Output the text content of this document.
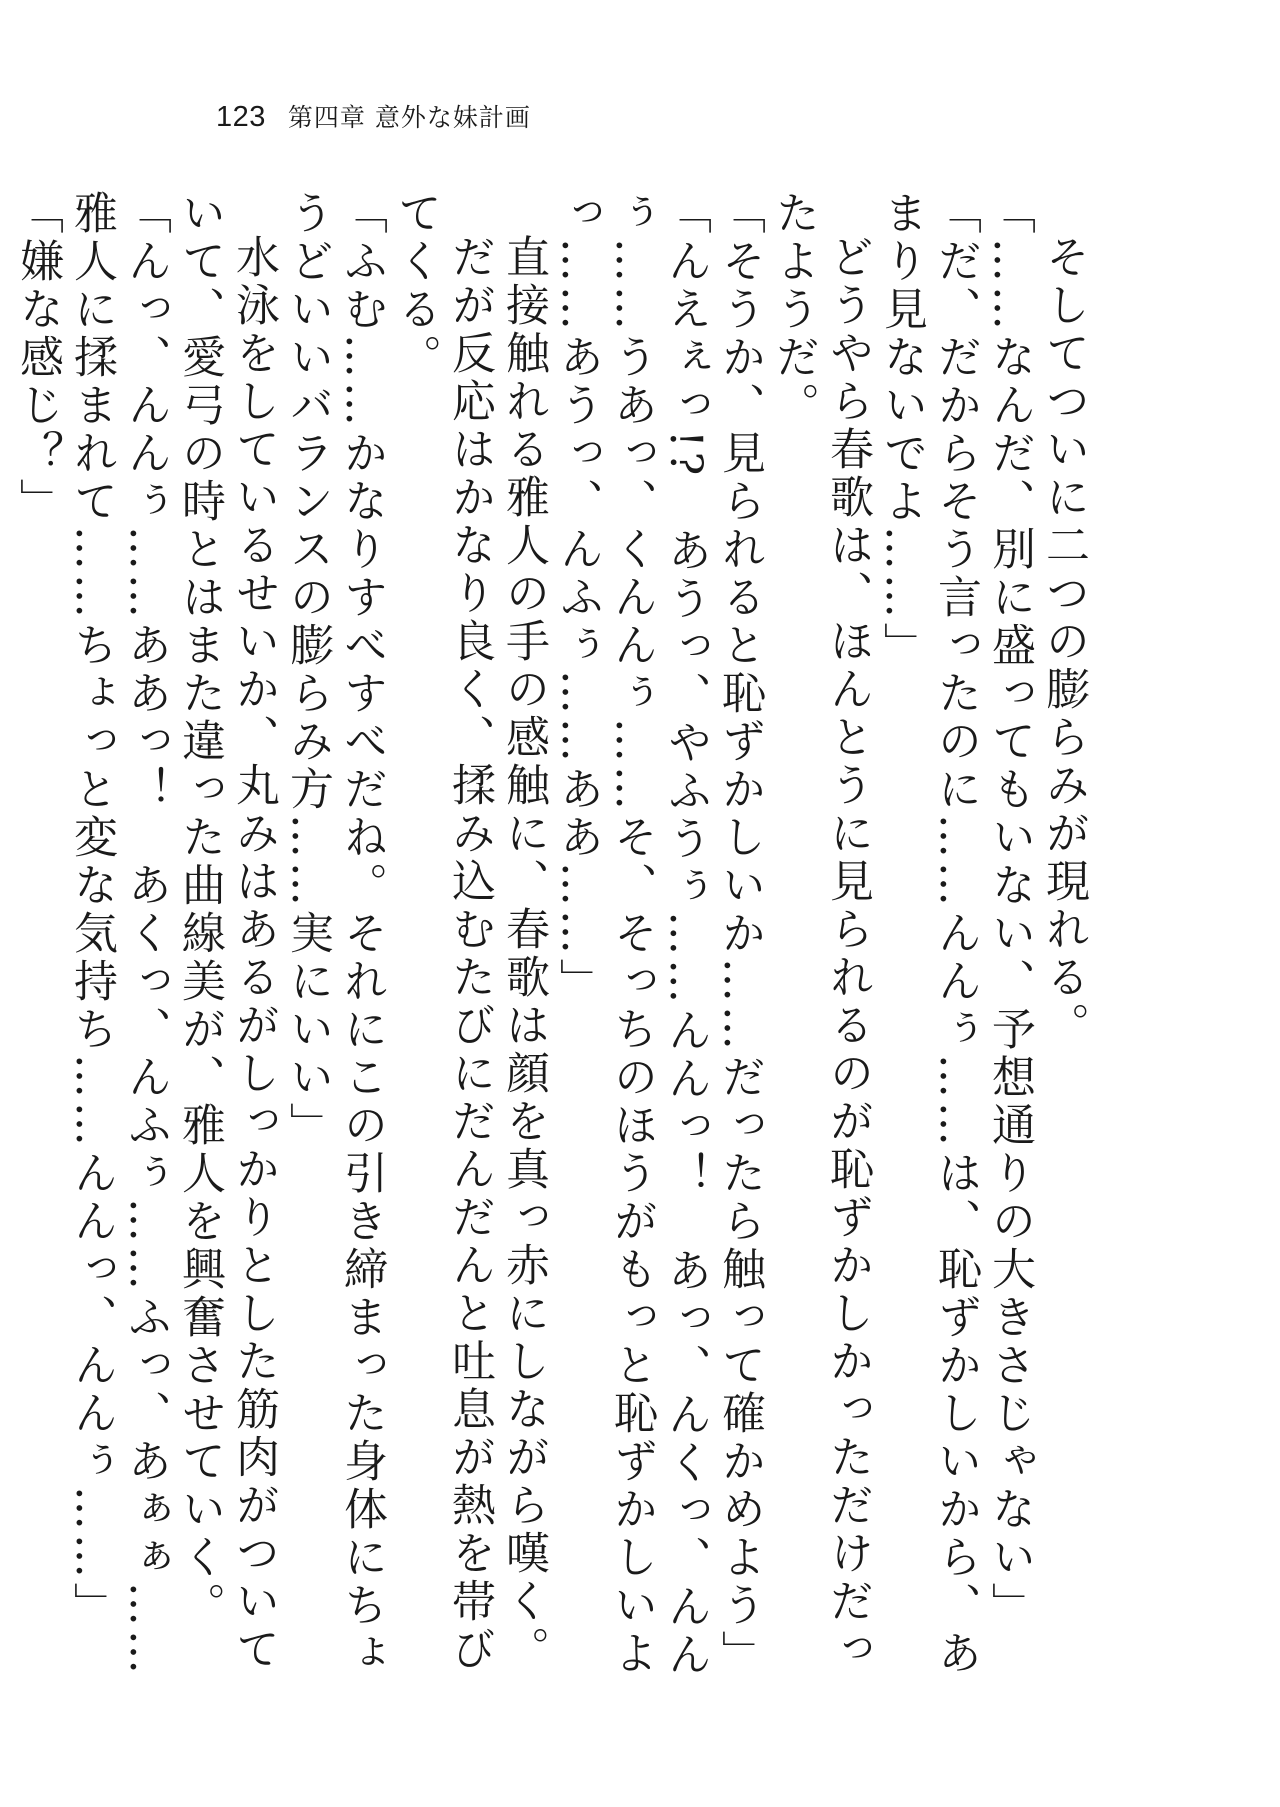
123 第四章 意外な妹計画

そしてついに二つの膨らみが現れる。

「……なんだ、別に盛ってもいない、予想通りの大きさじゃない」

「だ、だからそう言ったのに……んんぅ……は、恥ずかしいから、あまり見ないでよ……」

どうやら春歌は、ほんとうに見られるのが恥ずかしかっただけだったようだ。

「そうか、見られると恥ずかしいか……だったら触って確かめよう」

「んえぇっ!?　あうっ、やふうぅ……んんっ！　あっ、んくっ、んんぅ……うあっ、くんんぅ……そ、そっちのほうがもっと恥ずかしいよっ……あうっ、んふぅ……ああ……」

直接触れる雅人の手の感触に、春歌は顔を真っ赤にしながら嘆く。

だが反応はかなり良く、揉み込むたびにだんだんと吐息が熱を帯びてくる。

「ふむ……かなりすべすべだね。それにこの引き締まった身体にちょうどいいバランスの膨らみ方……実にいい」

水泳をしているせいか、丸みはあるがしっかりとした筋肉がついていて、愛弓の時とはまた違った曲線美が、雅人を興奮させていく。

「んっ、んんぅ……ああっ！　あくっ、んふぅ……ふっ、あぁぁ……雅人に揉まれて……ちょっと変な気持ち……んんっ、んんぅ……」

「嫌な感じ？」
